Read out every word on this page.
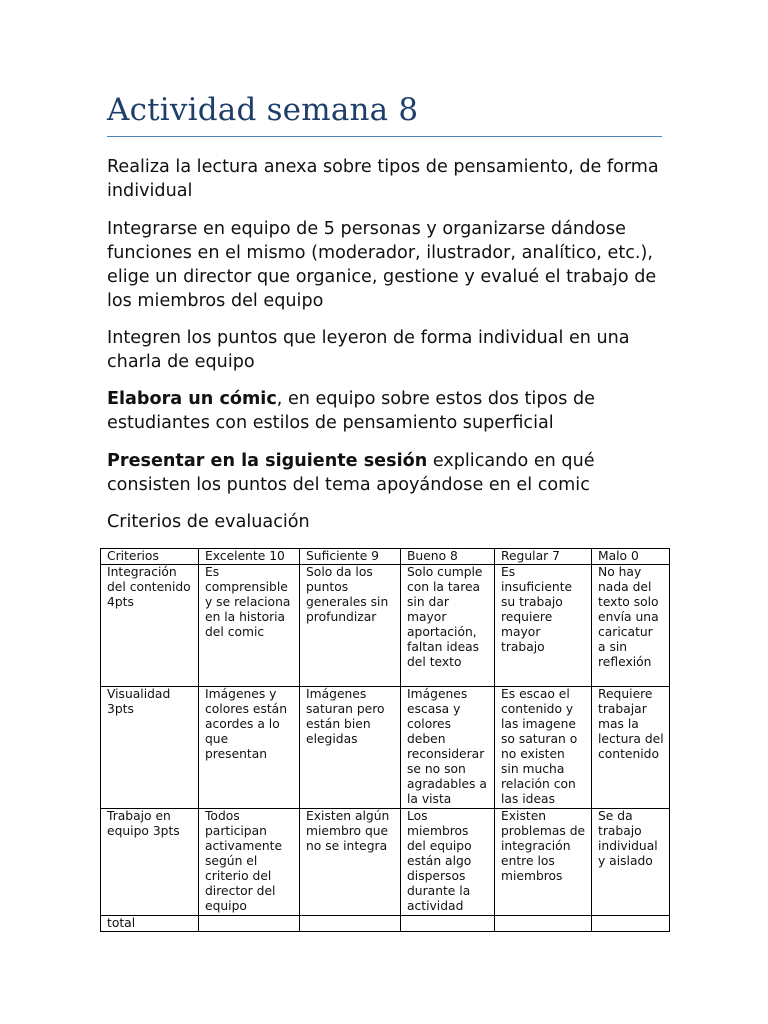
Actividad semana 8

Realiza la lectura anexa sobre tipos de pensamiento, de forma individual

Integrarse en equipo de 5 personas y organizarse dándose funciones en el mismo (moderador, ilustrador, analítico, etc.), elige un director que organice, gestione y evalué el trabajo de los miembros del equipo

Integren los puntos que leyeron de forma individual en una charla de equipo

Elabora un cómic, en equipo sobre estos dos tipos de estudiantes con estilos de pensamiento superficial

Presentar en la siguiente sesión explicando en qué consisten los puntos del tema apoyándose en el comic

Criterios de evaluación

Criterios	Excelente 10	Suficiente 9	Bueno 8	Regular 7	Malo 0
Integración del contenido 4pts	Es comprensible y se relaciona en la historia del comic	Solo da los puntos generales sin profundizar	Solo cumple con la tarea sin dar mayor aportación, faltan ideas del texto	Es insuficiente su trabajo requiere mayor trabajo	No hay nada del texto solo envía una caricatur a sin reflexión
Visualidad 3pts	Imágenes y colores están acordes a lo que presentan	Imágenes saturan pero están bien elegidas	Imágenes escasa y colores deben reconsiderar se no son agradables a la vista	Es escao el contenido y las imagene so saturan o no existen sin mucha relación con las ideas	Requiere trabajar mas la lectura del contenido
Trabajo en equipo 3pts	Todos participan activamente según el criterio del director del equipo	Existen algún miembro que no se integra	Los miembros del equipo están algo dispersos durante la actividad	Existen problemas de integración entre los miembros	Se da trabajo individual y aislado
total					
